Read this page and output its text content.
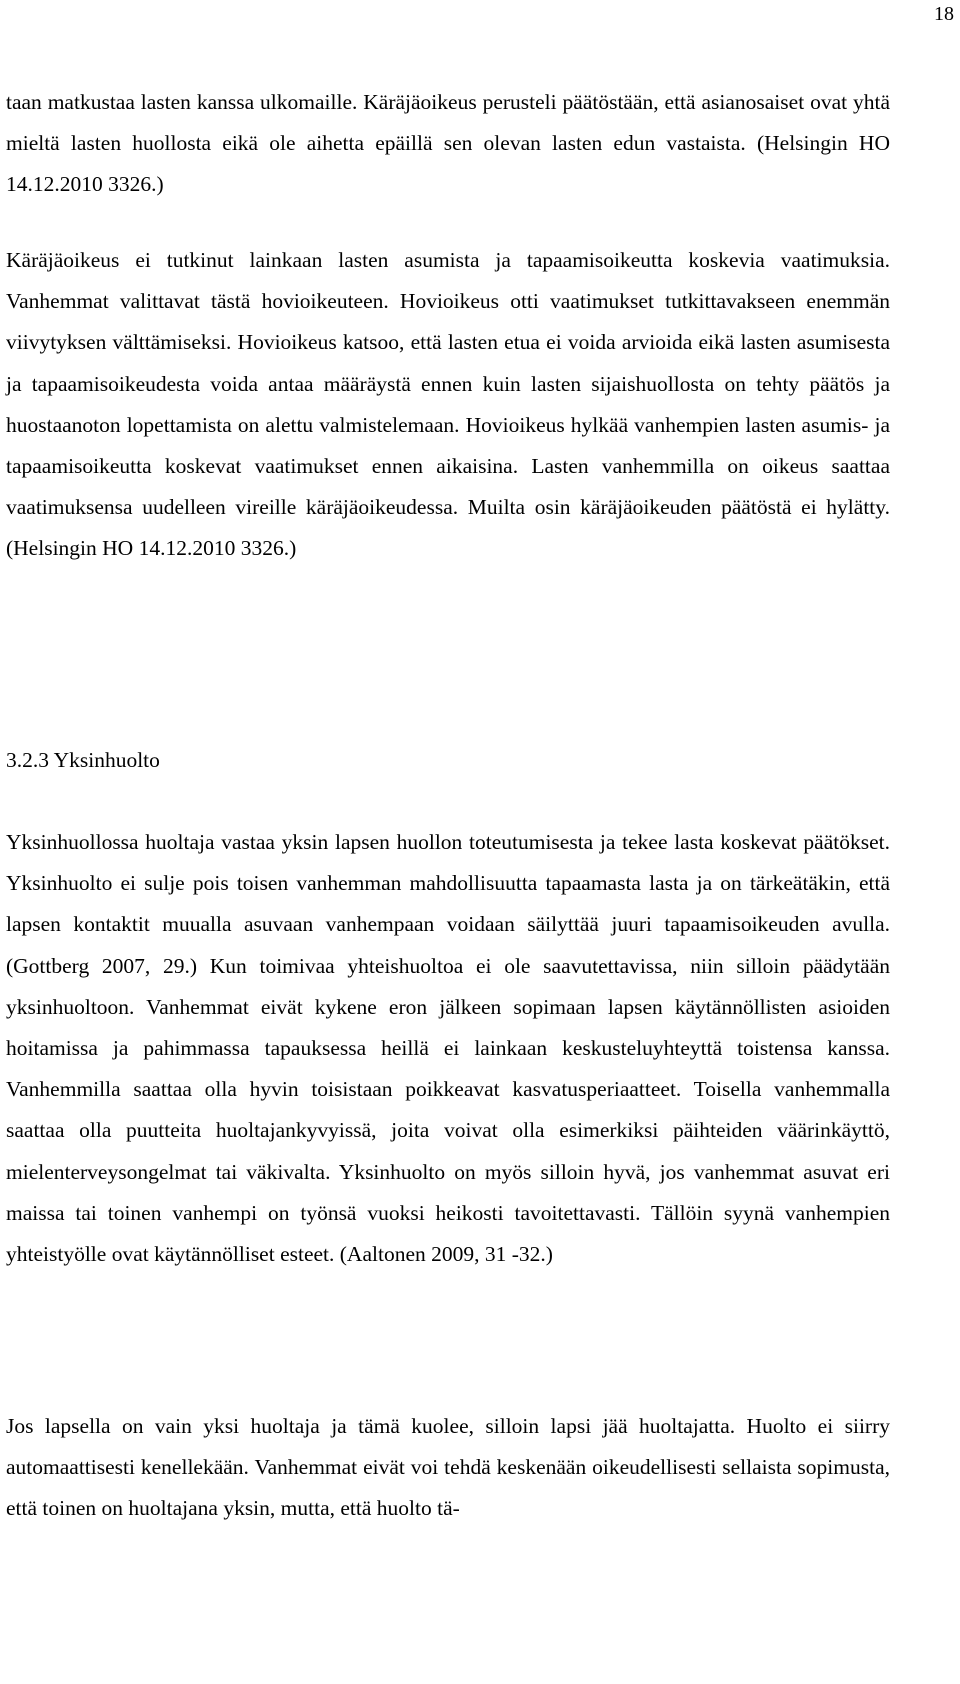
18

taan matkustaa lasten kanssa ulkomaille. Käräjäoikeus perusteli päätöstään, että asianosaiset ovat yhtä mieltä lasten huollosta eikä ole aihetta epäillä sen olevan lasten edun vastaista. (Helsingin HO 14.12.2010 3326.)

Käräjäoikeus ei tutkinut lainkaan lasten asumista ja tapaamisoikeutta koskevia vaatimuksia. Vanhemmat valittavat tästä hovioikeuteen. Hovioikeus otti vaatimukset tutkittavakseen enemmän viivytyksen välttämiseksi. Hovioikeus katsoo, että lasten etua ei voida arvioida eikä lasten asumisesta ja tapaamisoikeudesta voida antaa määräystä ennen kuin lasten sijaishuollosta on tehty päätös ja huostaanoton lopettamista on alettu valmistelemaan. Hovioikeus hylkää vanhempien lasten asumis- ja tapaamisoikeutta koskevat vaatimukset ennen aikaisina. Lasten vanhemmilla on oikeus saattaa vaatimuksensa uudelleen vireille käräjäoikeudessa. Muilta osin käräjäoikeuden päätöstä ei hylätty. (Helsingin HO 14.12.2010 3326.)

3.2.3 Yksinhuolto

Yksinhuollossa huoltaja vastaa yksin lapsen huollon toteutumisesta ja tekee lasta koskevat päätökset. Yksinhuolto ei sulje pois toisen vanhemman mahdollisuutta tapaamasta lasta ja on tärkeätäkin, että lapsen kontaktit muualla asuvaan vanhempaan voidaan säilyttää juuri tapaamisoikeuden avulla. (Gottberg 2007, 29.) Kun toimivaa yhteishuoltoa ei ole saavutettavissa, niin silloin päädytään yksinhuoltoon. Vanhemmat eivät kykene eron jälkeen sopimaan lapsen käytännöllisten asioiden hoitamissa ja pahimmassa tapauksessa heillä ei lainkaan keskusteluyhteyttä toistensa kanssa. Vanhemmilla saattaa olla hyvin toisistaan poikkeavat kasvatusperiaatteet. Toisella vanhemmalla saattaa olla puutteita huoltajankyvyissä, joita voivat olla esimerkiksi päihteiden väärinkäyttö, mielenterveysongelmat tai väkivalta. Yksinhuolto on myös silloin hyvä, jos vanhemmat asuvat eri maissa tai toinen vanhempi on työnsä vuoksi heikosti tavoitettavasti. Tällöin syynä vanhempien yhteistyölle ovat käytännölliset esteet. (Aaltonen 2009, 31 -32.)

Jos lapsella on vain yksi huoltaja ja tämä kuolee, silloin lapsi jää huoltajatta. Huolto ei siirry automaattisesti kenellekään. Vanhemmat eivät voi tehdä keskenään oikeudellisesti sellaista sopimusta, että toinen on huoltajana yksin, mutta, että huolto tä-
